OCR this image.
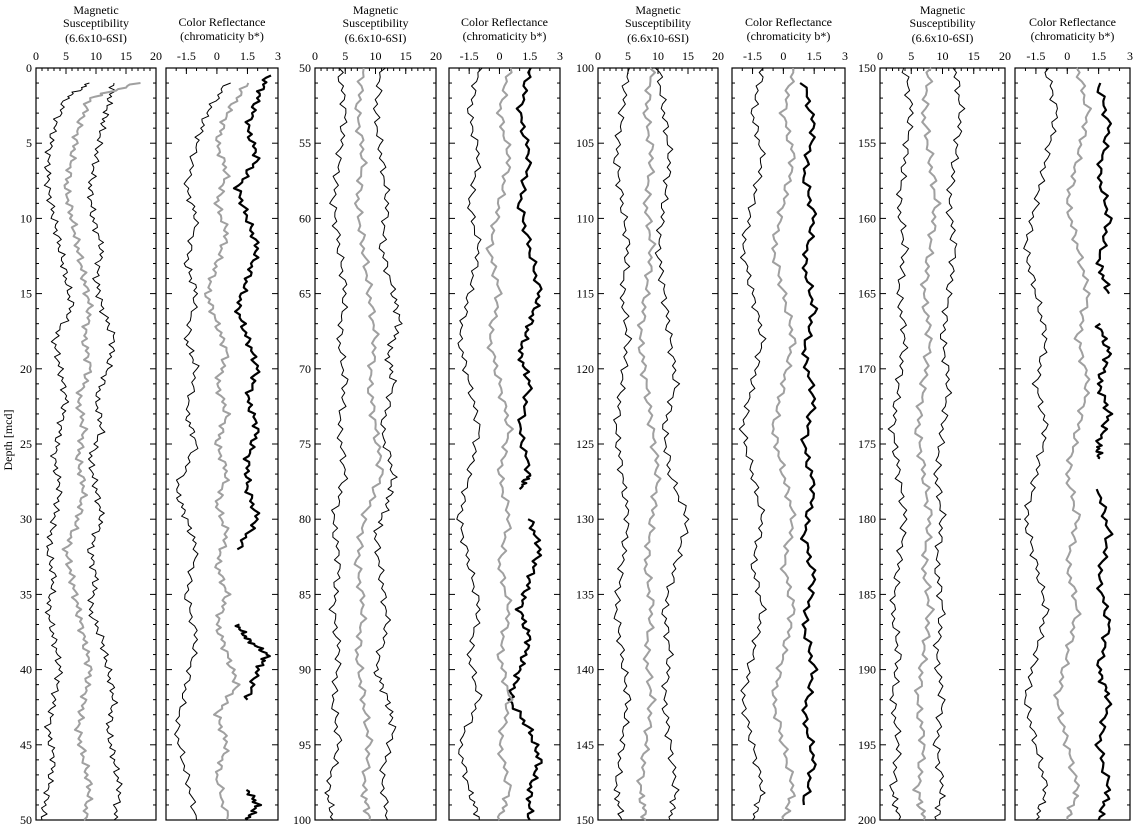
Depth [mcd]
Magnetic
Susceptibility
(6.6x10-6SI)
0 5 10 15 20
0
5
10
15
20
25
30
35
40
45
50
Color Reflectance
(chromaticity b*)
-1.5 0 1.5 3
Magnetic
Susceptibility
(6.6x10-6SI)
0 5 10 15 20
50
55
60
65
70
75
80
85
90
95
100
Color Reflectance
(chromaticity b*)
-1.5 0 1.5 3
Magnetic
Susceptibility
(6.6x10-6SI)
0 5 10 15 20
100
105
110
115
120
125
130
135
140
145
150
Color Reflectance
(chromaticity b*)
-1.5 0 1.5 3
Magnetic
Susceptibility
(6.6x10-6SI)
0 5 10 15 20
150
155
160
165
170
175
180
185
190
195
200
Color Reflectance
(chromaticity b*)
-1.5 0 1.5 3
